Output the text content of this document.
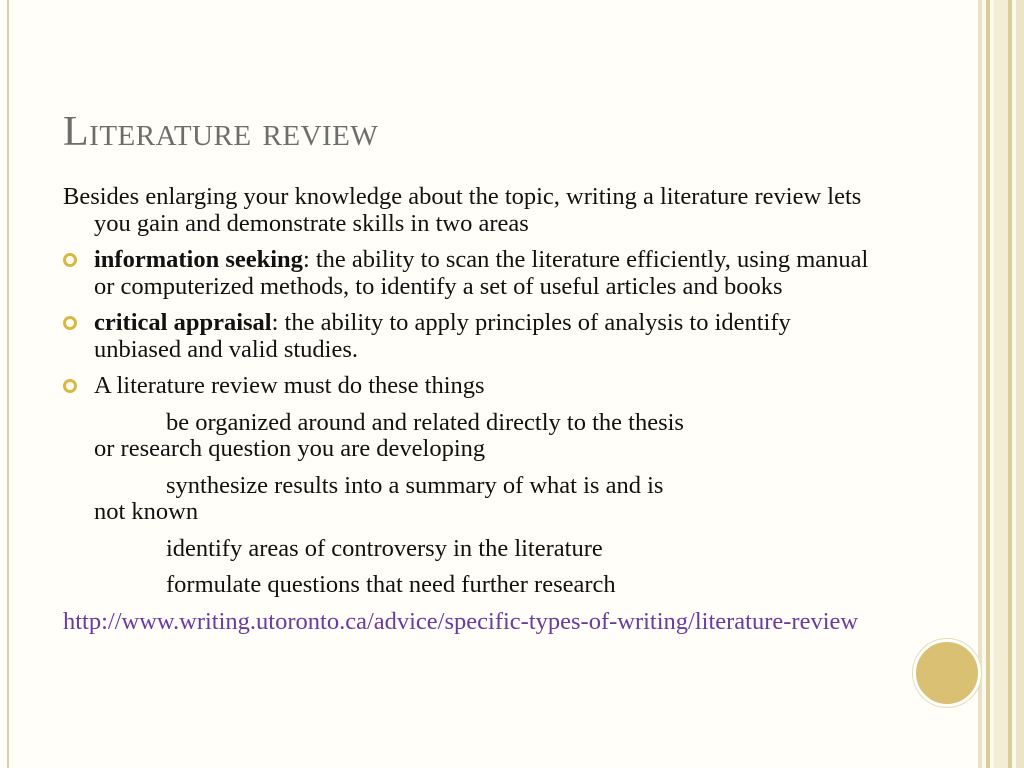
Literature review
Besides enlarging your knowledge about the topic, writing a literature review lets you gain and demonstrate skills in two areas
information seeking: the ability to scan the literature efficiently, using manual or computerized methods, to identify a set of useful articles and books
critical appraisal: the ability to apply principles of analysis to identify unbiased and valid studies.
A literature review must do these things
be organized around and related directly to the thesis
or research question you are developing
synthesize results into a summary of what is and is
not known
identify areas of controversy in the literature
formulate questions that need further research
http://www.writing.utoronto.ca/advice/specific-types-of-writing/literature-review
